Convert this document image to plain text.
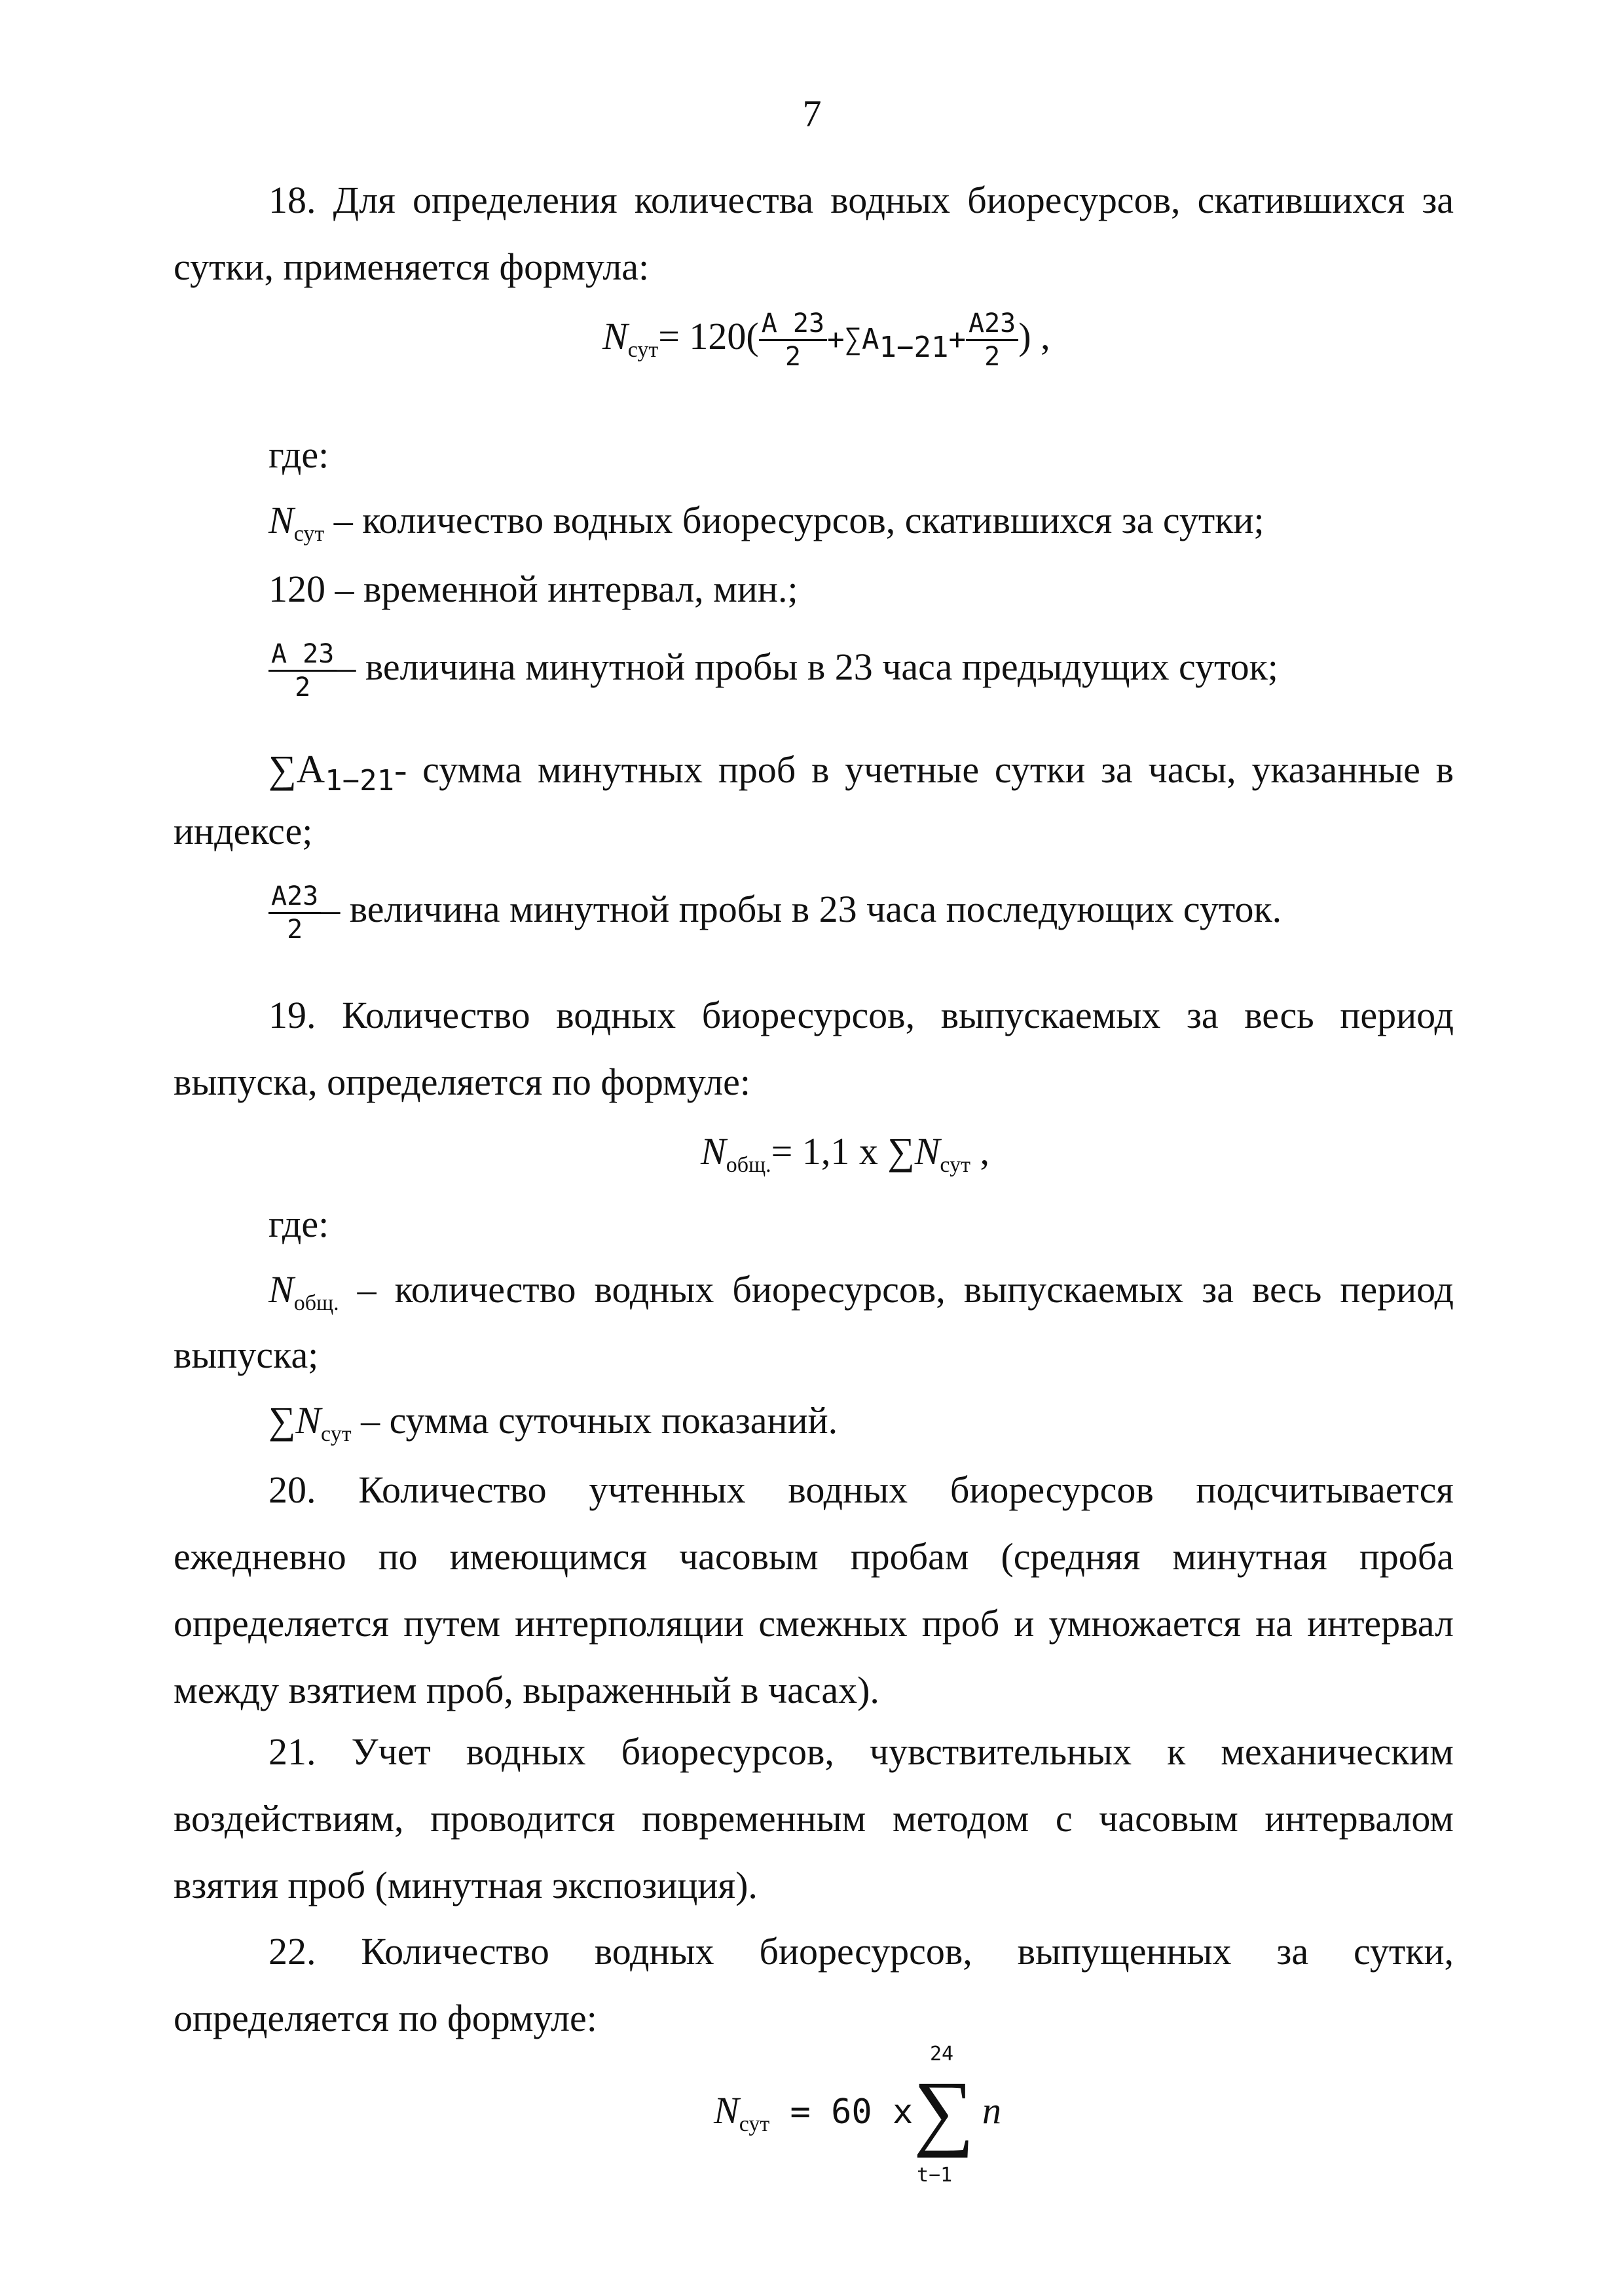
7

18. Для определения количества водных биоресурсов, скатившихся за сутки, применяется формула:

$N_{сут}= 120( \frac{A 23}{2} +\sum A_{1-21}+ \frac{A23}{2}$ ) ,
где:
$N_{сут}$ – количество водных биоресурсов, скатившихся за сутки;
120 – временной интервал, мин.;
$\frac{A 23}{2}$ – величина минутной пробы в 23 часа предыдущих суток;
$\sum A_{1-21}-$ сумма минутных проб в учетные сутки за часы, указанные в
индексе;
$\frac{A23}{2}$ – величина минутной пробы в 23 часа последующих суток.

19. Количество водных биоресурсов, выпускаемых за весь период выпуска, определяется по формуле:

$N_{общ.}= 1,1$ x $\sum N_{сут}$ ,
где:
$N_{общ.}$ – количество водных биоресурсов, выпускаемых за весь период
выпуска;
$\sum N_{сут}$ – сумма суточных показаний.

20. Количество учтенных водных биоресурсов подсчитывается ежедневно по имеющимся часовым пробам (средняя минутная проба определяется путем интерполяции смежных проб и умножается на интервал между взятием проб, выраженный в часах).

21. Учет водных биоресурсов, чувствительных к механическим воздействиям, проводится повременным методом с часовым интервалом взятия проб (минутная экспозиция).

22. Количество водных биоресурсов, выпущенных за сутки, определяется по формуле:

$N_{сут} = 60$ x
24
∑
t−1
n
